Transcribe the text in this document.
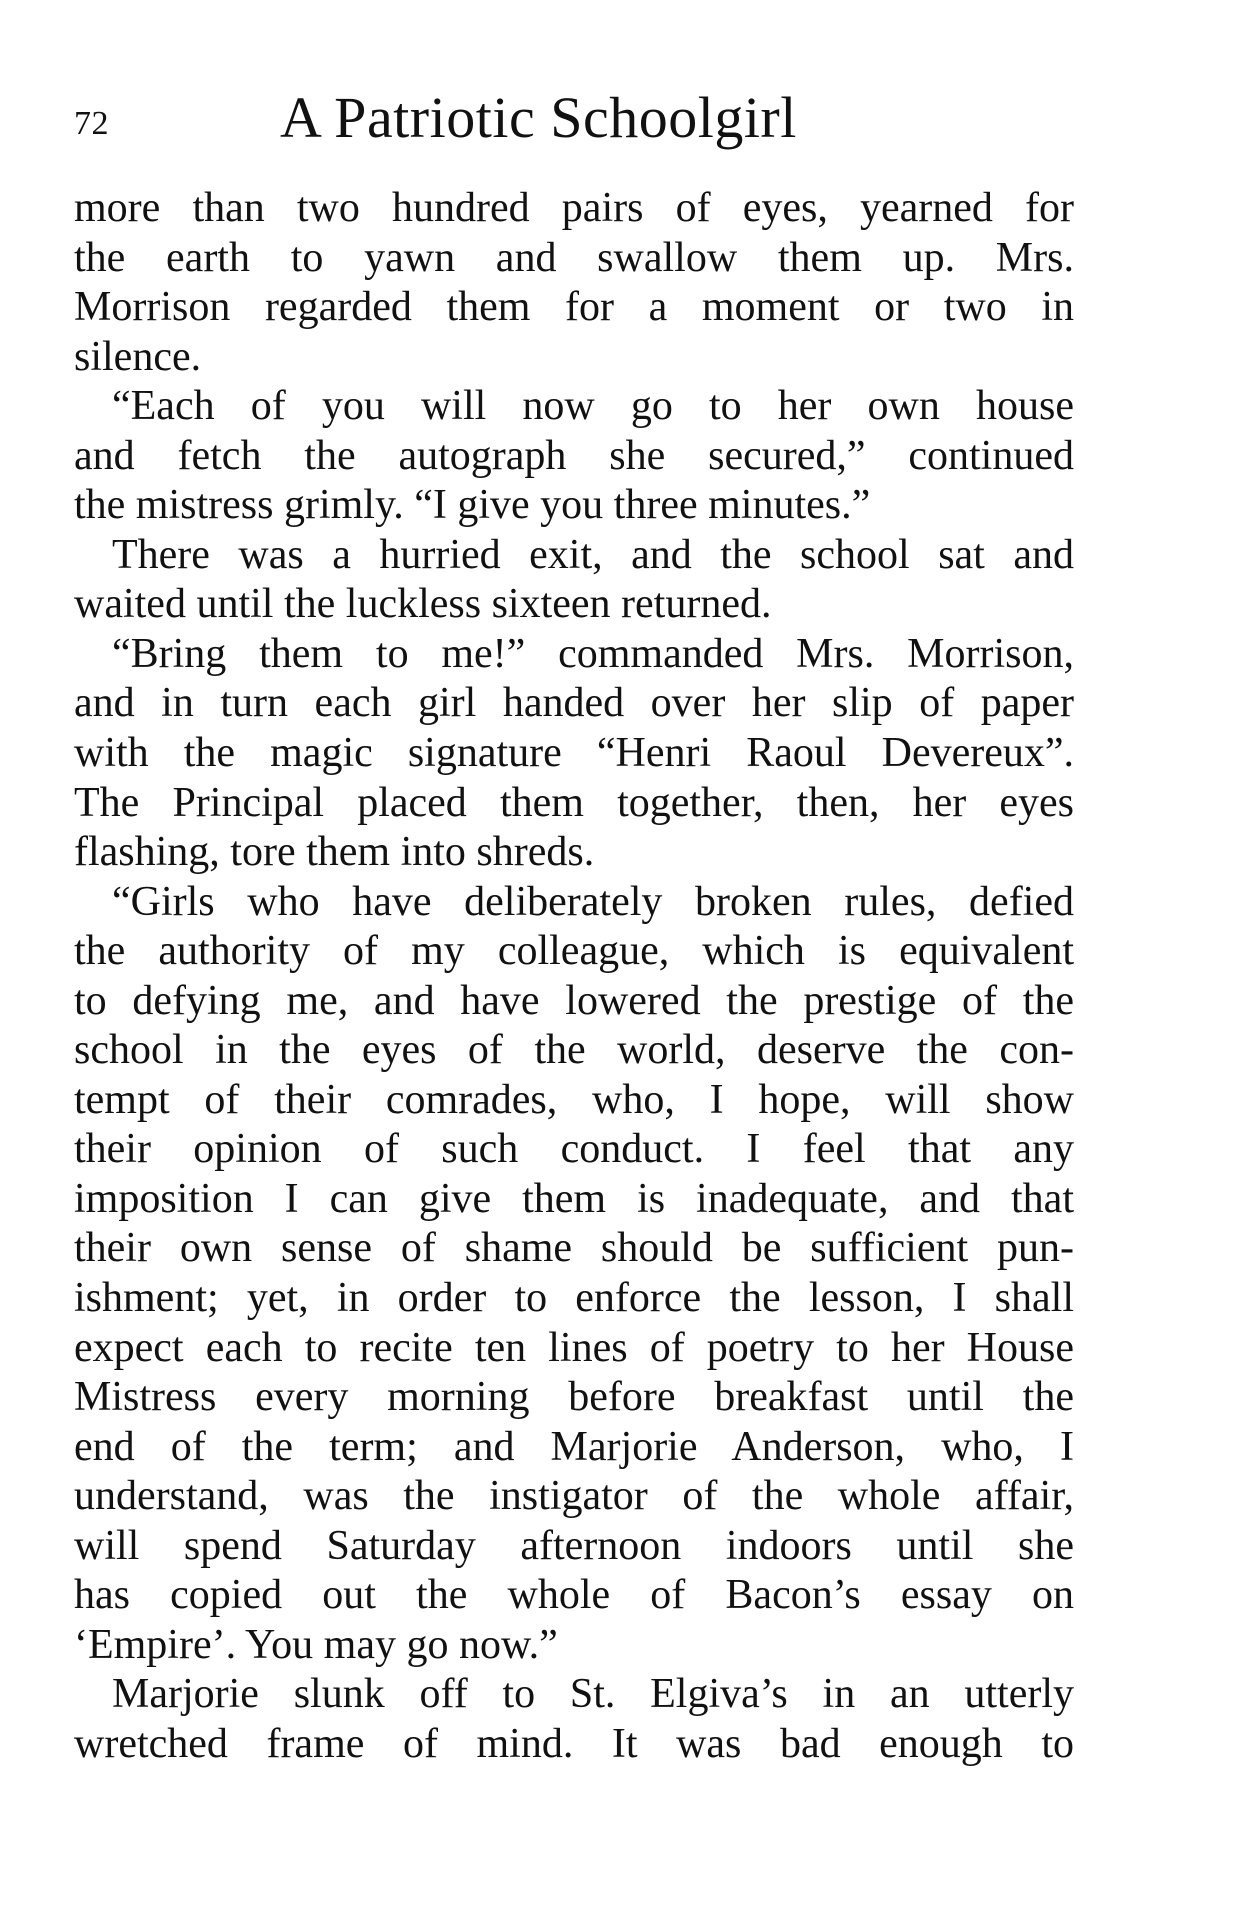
72	A Patriotic Schoolgirl
more than two hundred pairs of eyes, yearned for
the earth to yawn and swallow them up. Mrs.
Morrison regarded them for a moment or two in
silence.
“Each of you will now go to her own house
and fetch the autograph she secured,” continued
the mistress grimly. “I give you three minutes.”
There was a hurried exit, and the school sat and
waited until the luckless sixteen returned.
“Bring them to me!” commanded Mrs. Morrison,
and in turn each girl handed over her slip of paper
with the magic signature “Henri Raoul Devereux”.
The Principal placed them together, then, her eyes
flashing, tore them into shreds.
“Girls who have deliberately broken rules, defied
the authority of my colleague, which is equivalent
to defying me, and have lowered the prestige of the
school in the eyes of the world, deserve the con-
tempt of their comrades, who, I hope, will show
their opinion of such conduct. I feel that any
imposition I can give them is inadequate, and that
their own sense of shame should be sufficient pun-
ishment; yet, in order to enforce the lesson, I shall
expect each to recite ten lines of poetry to her House
Mistress every morning before breakfast until the
end of the term; and Marjorie Anderson, who, I
understand, was the instigator of the whole affair,
will spend Saturday afternoon indoors until she
has copied out the whole of Bacon’s essay on
‘Empire’. You may go now.”
Marjorie slunk off to St. Elgiva’s in an utterly
wretched frame of mind. It was bad enough to
